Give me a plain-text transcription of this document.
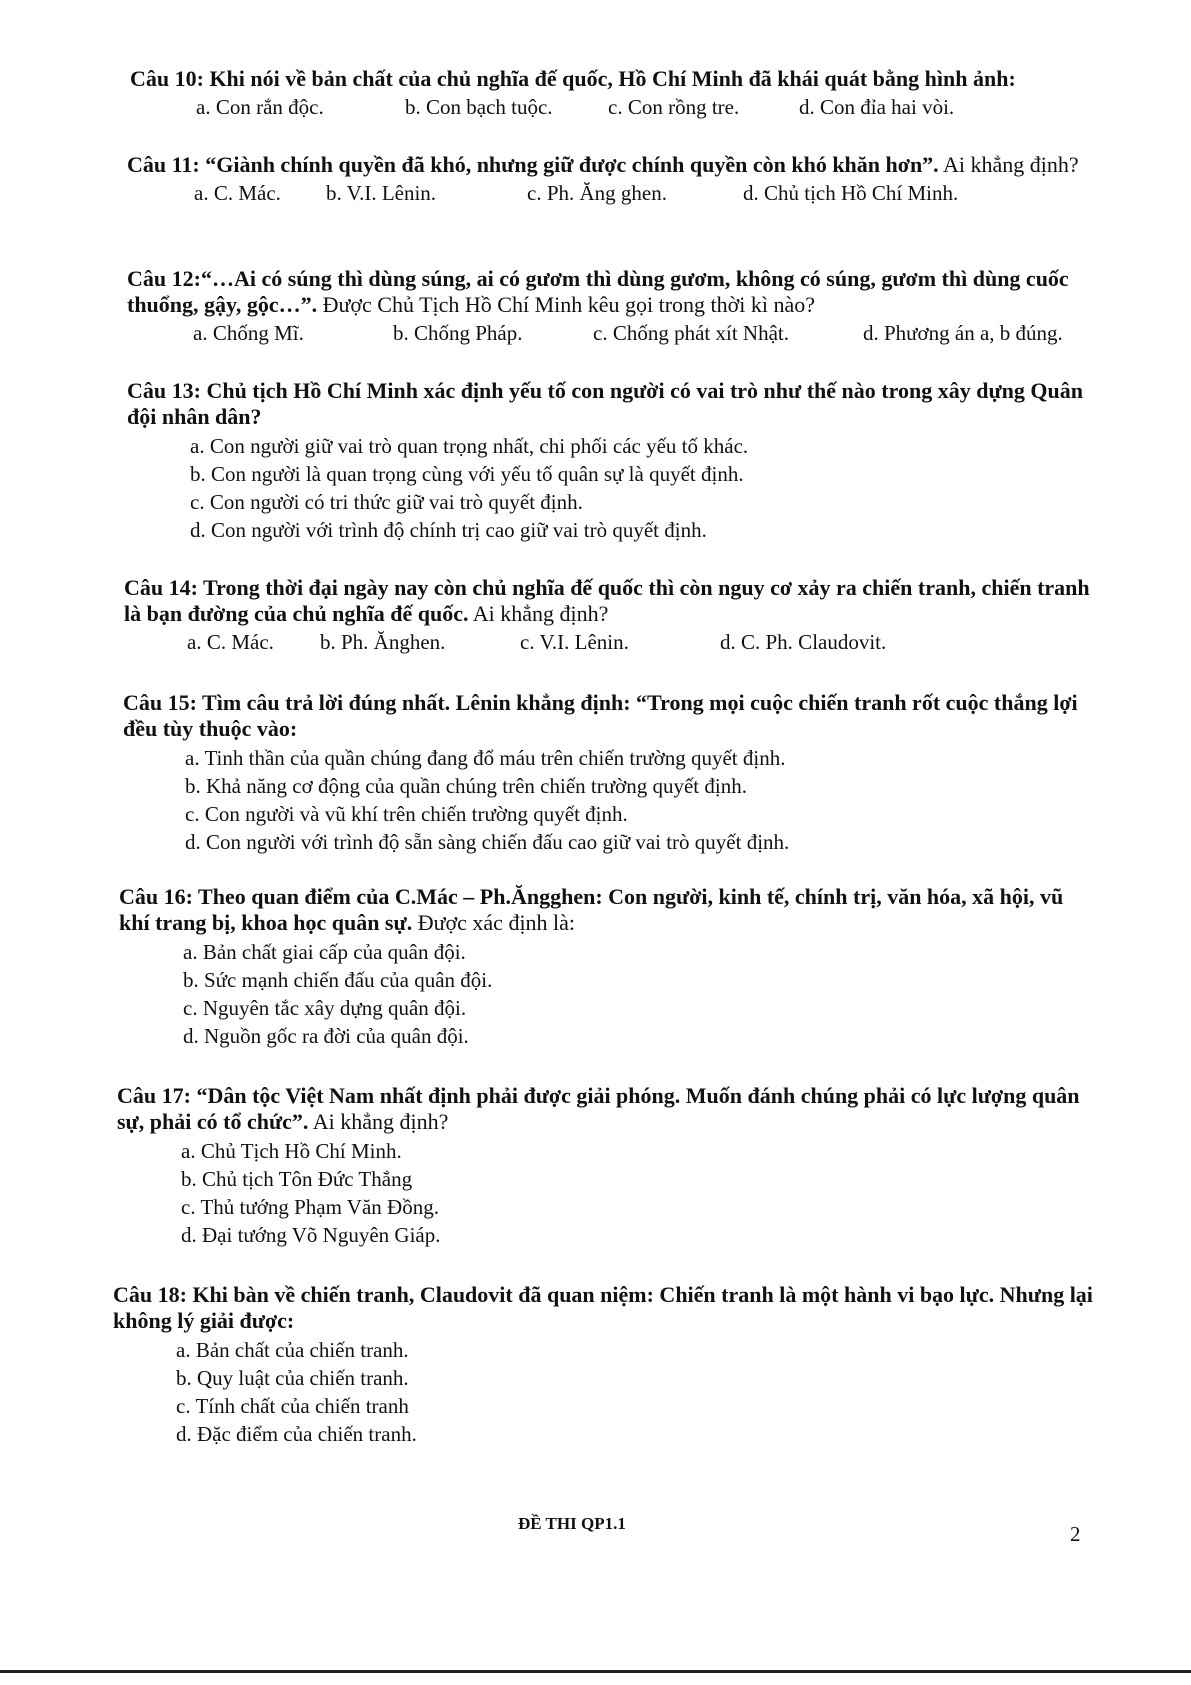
Câu 10: Khi nói về bản chất của chủ nghĩa đế quốc, Hồ Chí Minh đã khái quát bằng hình ảnh:
a. Con rắn độc.	b. Con bạch tuộc.	c. Con rồng tre.	d. Con đỉa hai vòi.
Câu 11: “Giành chính quyền đã khó, nhưng giữ được chính quyền còn khó khăn hơn”. Ai khẳng định?
a. C. Mác.	b. V.I. Lênin.	c. Ph. Ăng ghen.	d. Chủ tịch Hồ Chí Minh.
Câu 12:“…Ai có súng thì dùng súng, ai có gươm thì dùng gươm, không có súng, gươm thì dùng cuốc thuổng, gậy, gộc…”. Được Chủ Tịch Hồ Chí Minh kêu gọi trong thời kì nào?
a. Chống Mĩ.	b. Chống Pháp.	c. Chống phát xít Nhật.	d. Phương án a, b đúng.
Câu 13: Chủ tịch Hồ Chí Minh xác định yếu tố con người có vai trò như thế nào trong xây dựng Quân đội nhân dân?
a. Con người giữ vai trò quan trọng nhất, chi phối các yếu tố khác.
b. Con người là quan trọng cùng với yếu tố quân sự là quyết định.
c. Con người có tri thức giữ vai trò quyết định.
d. Con người với trình độ chính trị cao giữ vai trò quyết định.
Câu 14: Trong thời đại ngày nay còn chủ nghĩa đế quốc thì còn nguy cơ xảy ra chiến tranh, chiến tranh là bạn đường của chủ nghĩa đế quốc. Ai khẳng định?
a. C. Mác.	b. Ph. Ănghen.	c. V.I. Lênin.	d. C. Ph. Claudovit.
Câu 15: Tìm câu trả lời đúng nhất. Lênin khẳng định: “Trong mọi cuộc chiến tranh rốt cuộc thắng lợi đều tùy thuộc vào:
a. Tinh thần của quần chúng đang đổ máu trên chiến trường quyết định.
b. Khả năng cơ động của quần chúng trên chiến trường quyết định.
c. Con người và vũ khí trên chiến trường quyết định.
d. Con người với trình độ sẵn sàng chiến đấu cao giữ vai trò quyết định.
Câu 16: Theo quan điểm của C.Mác – Ph.Ăngghen: Con người, kinh tế, chính trị, văn hóa, xã hội, vũ khí trang bị, khoa học quân sự. Được xác định là:
a. Bản chất giai cấp của quân đội.
b. Sức mạnh chiến đấu của quân đội.
c. Nguyên tắc xây dựng quân đội.
d. Nguồn gốc ra đời của quân đội.
Câu 17: “Dân tộc Việt Nam nhất định phải được giải phóng. Muốn đánh chúng phải có lực lượng quân sự, phải có tổ chức”. Ai khẳng định?
a. Chủ Tịch Hồ Chí Minh.
b. Chủ tịch Tôn Đức Thắng
c. Thủ tướng Phạm Văn Đồng.
d. Đại tướng Võ Nguyên Giáp.
Câu 18: Khi bàn về chiến tranh, Claudovit đã quan niệm: Chiến tranh là một hành vi bạo lực. Nhưng lại không lý giải được:
a. Bản chất của chiến tranh.
b. Quy luật của chiến tranh.
c. Tính chất của chiến tranh
d. Đặc điểm của chiến tranh.
ĐỀ THI QP1.1	2
